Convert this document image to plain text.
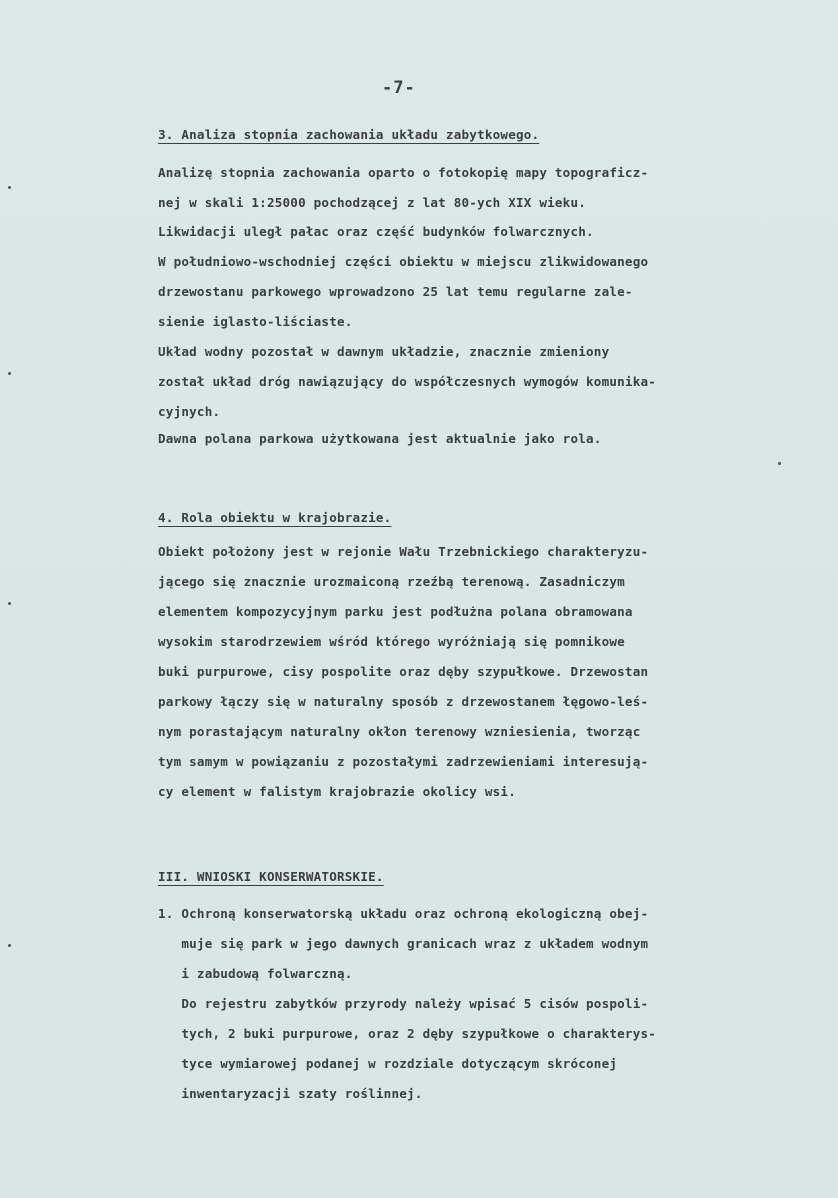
-7-
3. Analiza stopnia zachowania układu zabytkowego.
Analizę stopnia zachowania oparto o fotokopię mapy topograficz-
nej w skali 1:25000 pochodzącej z lat 80-ych XIX wieku.
Likwidacji uległ pałac oraz część budynków folwarcznych.
W południowo-wschodniej części obiektu w miejscu zlikwidowanego
drzewostanu parkowego wprowadzono 25 lat temu regularne zale-
sienie iglasto-liściaste.
Układ wodny pozostał w dawnym układzie, znacznie zmieniony
został układ dróg nawiązujący do współczesnych wymogów komunika-
cyjnych.
Dawna polana parkowa użytkowana jest aktualnie jako rola.
4. Rola obiektu w krajobrazie.
Obiekt położony jest w rejonie Wału Trzebnickiego charakteryzu-
jącego się znacznie urozmaiconą rzeźbą terenową. Zasadniczym
elementem kompozycyjnym parku jest podłużna polana obramowana
wysokim starodrzewiem wśród którego wyróżniają się pomnikowe
buki purpurowe, cisy pospolite oraz dęby szypułkowe. Drzewostan
parkowy łączy się w naturalny sposób z drzewostanem łęgowo-leś-
nym porastającym naturalny okłon terenowy wzniesienia, tworząc
tym samym w powiązaniu z pozostałymi zadrzewieniami interesują-
cy element w falistym krajobrazie okolicy wsi.
III. WNIOSKI KONSERWATORSKIE.
1. Ochroną konserwatorską układu oraz ochroną ekologiczną obej-
muje się park w jego dawnych granicach wraz z układem wodnym
i zabudową folwarczną.
Do rejestru zabytków przyrody należy wpisać 5 cisów pospoli-
tych, 2 buki purpurowe, oraz 2 dęby szypułkowe o charakterys-
tyce wymiarowej podanej w rozdziale dotyczącym skróconej
inwentaryzacji szaty roślinnej.
